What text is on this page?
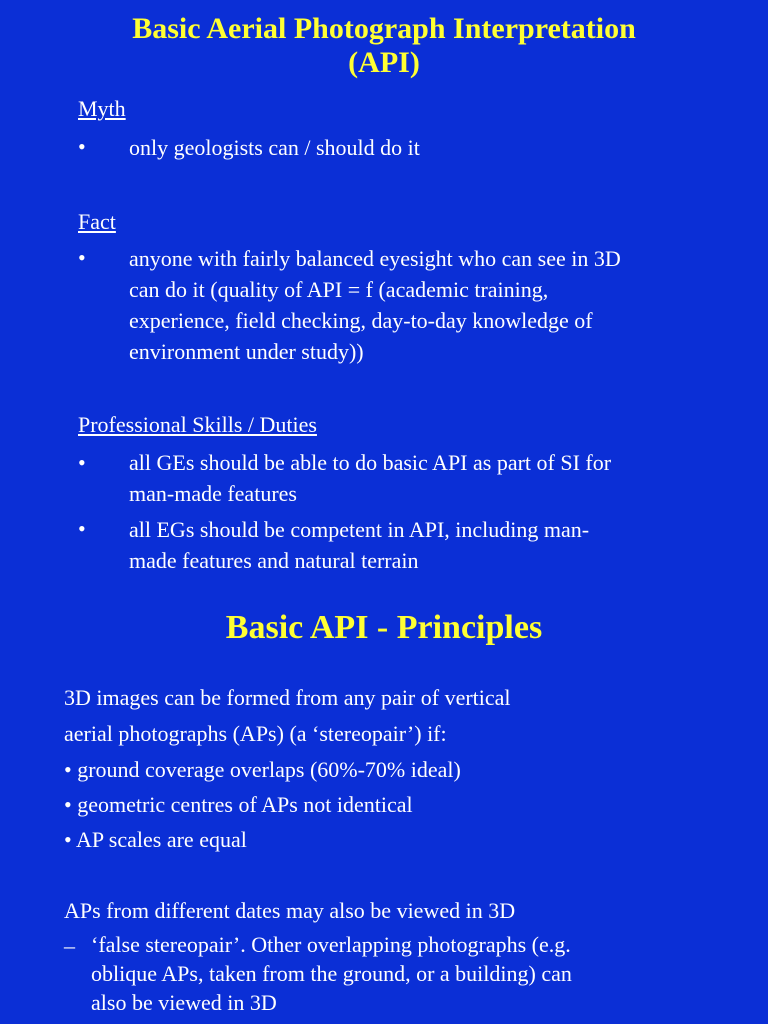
Basic Aerial Photograph Interpretation
(API)
Myth
• only geologists can / should do it
Fact
• anyone with fairly balanced eyesight who can see in 3D
can do it (quality of API = f (academic training,
experience, field checking, day-to-day knowledge of
environment under study))
Professional Skills / Duties
• all GEs should be able to do basic API as part of SI for
man-made features
• all EGs should be competent in API, including man-
made features and natural terrain
Basic API - Principles
3D images can be formed from any pair of vertical
aerial photographs (APs) (a ‘stereopair’) if:
• ground coverage overlaps (60%-70% ideal)
• geometric centres of APs not identical
• AP scales are equal
APs from different dates may also be viewed in 3D
– ‘false stereopair’. Other overlapping photographs (e.g.
oblique APs, taken from the ground, or a building) can
also be viewed in 3D
